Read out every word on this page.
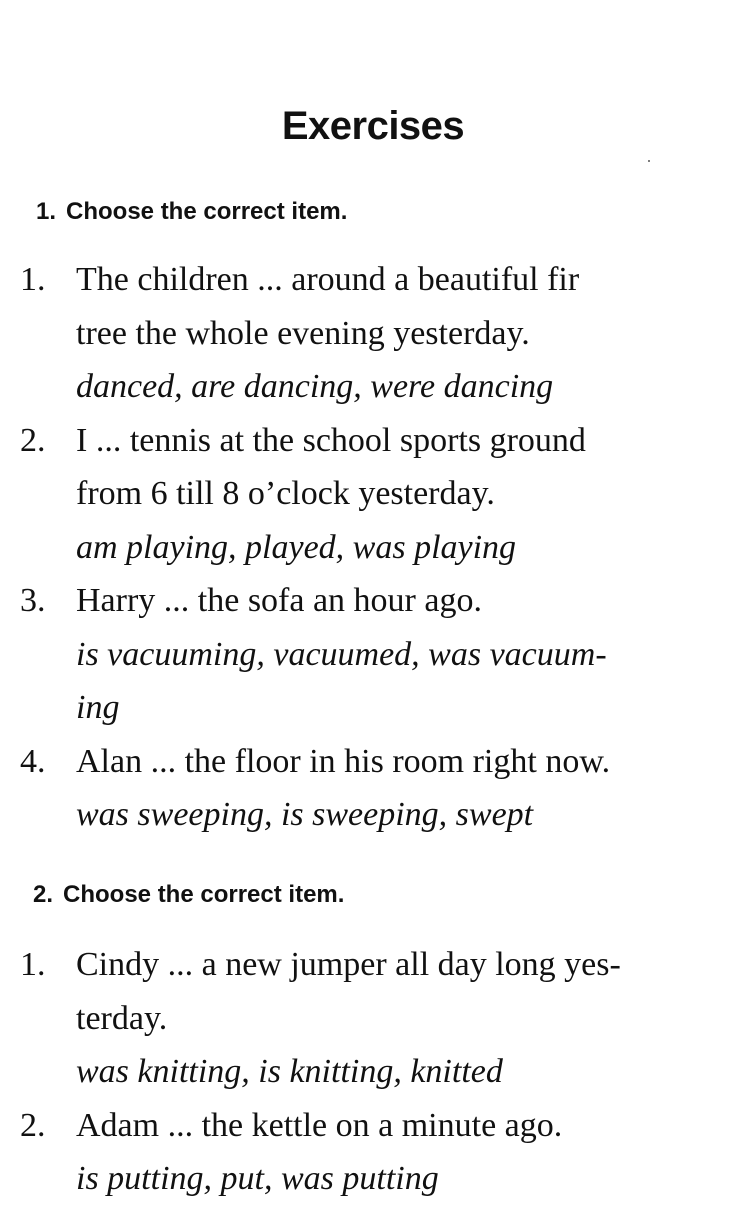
Exercises
1. Choose the correct item.
1. The children ... around a beautiful fir
tree the whole evening yesterday.
danced, are dancing, were dancing
2. I ... tennis at the school sports ground
from 6 till 8 o’clock yesterday.
am playing, played, was playing
3. Harry ... the sofa an hour ago.
is vacuuming, vacuumed, was vacuum-
ing
4. Alan ... the floor in his room right now.
was sweeping, is sweeping, swept
2. Choose the correct item.
1. Cindy ... a new jumper all day long yes-
terday.
was knitting, is knitting, knitted
2. Adam ... the kettle on a minute ago.
is putting, put, was putting
